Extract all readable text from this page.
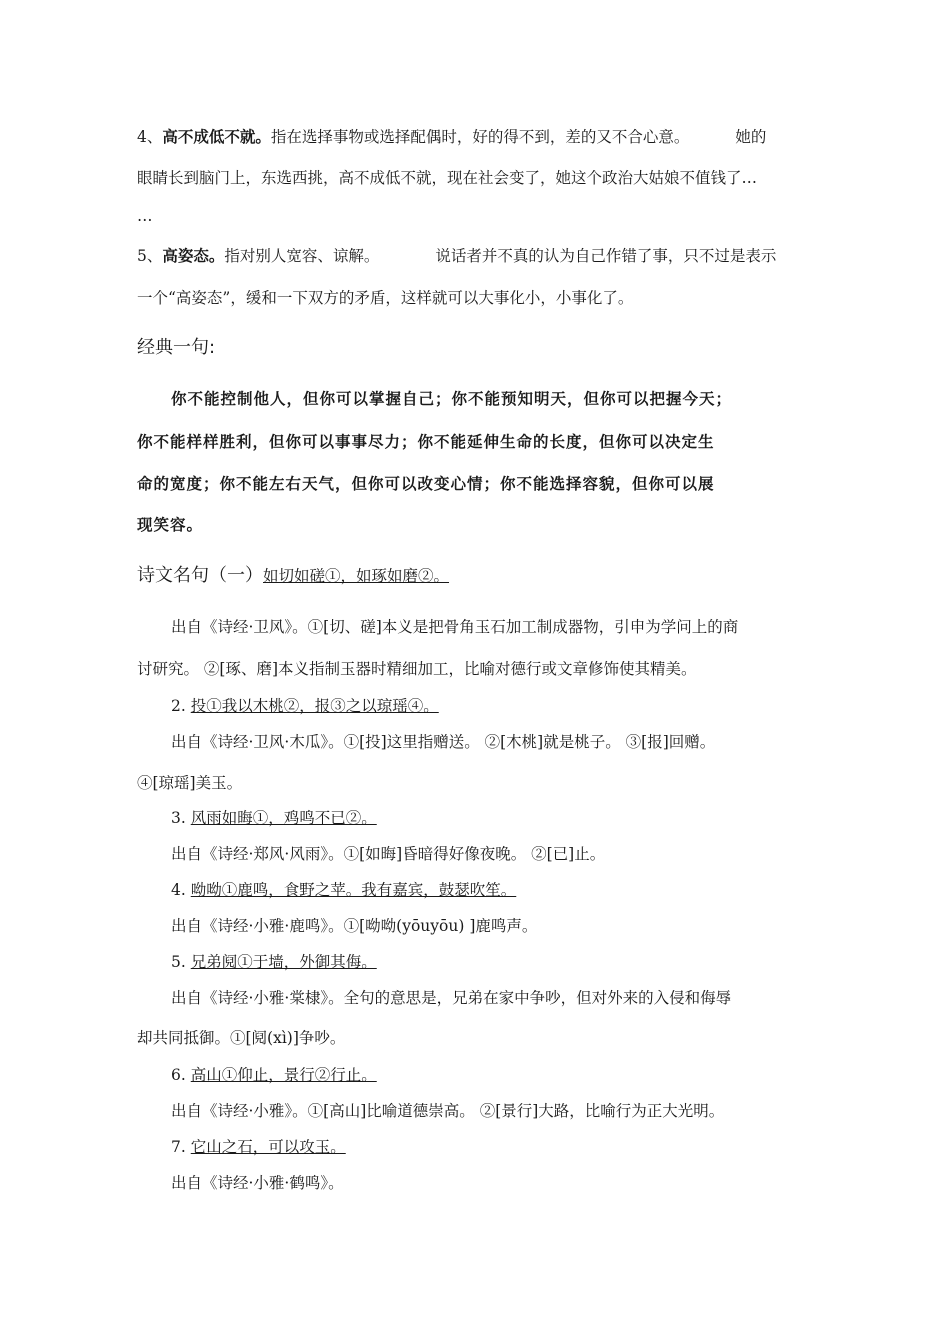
4、高不成低不就。指在选择事物或选择配偶时，好的得不到，差的又不合心意。	她的
眼睛长到脑门上，东选西挑，高不成低不就，现在社会变了，她这个政治大姑娘不值钱了…
…
5、高姿态。指对别人宽容、谅解。	说话者并不真的认为自己作错了事，只不过是表示
一个“高姿态”，缓和一下双方的矛盾，这样就可以大事化小，小事化了。
经典一句:
你不能控制他人，但你可以掌握自己；你不能预知明天，但你可以把握今天；
你不能样样胜利，但你可以事事尽力；你不能延伸生命的长度，但你可以决定生
命的宽度；你不能左右天气，但你可以改变心情；你不能选择容貌，但你可以展
现笑容。
诗文名句（一）如切如磋①，如琢如磨②。
出自《诗经·卫风》。①[切、磋]本义是把骨角玉石加工制成器物，引申为学问上的商
讨研究。 ②[琢、磨]本义指制玉器时精细加工，比喻对德行或文章修饰使其精美。
2. 投①我以木桃②，报③之以琼瑶④。
出自《诗经·卫风·木瓜》。①[投]这里指赠送。 ②[木桃]就是桃子。 ③[报]回赠。
④[琼瑶]美玉。
3. 风雨如晦①，鸡鸣不已②。
出自《诗经·郑风·风雨》。①[如晦]昏暗得好像夜晚。 ②[已]止。
4. 呦呦①鹿鸣，食野之苹。我有嘉宾，鼓瑟吹笙。
出自《诗经·小雅·鹿鸣》。①[呦呦(yōuyōu) ]鹿鸣声。
5. 兄弟阋①于墙，外御其侮。
出自《诗经·小雅·棠棣》。全句的意思是，兄弟在家中争吵，但对外来的入侵和侮辱
却共同抵御。①[阋(xì)]争吵。
6. 高山①仰止，景行②行止。
出自《诗经·小雅》。①[高山]比喻道德崇高。 ②[景行]大路，比喻行为正大光明。
7. 它山之石，可以攻玉。
出自《诗经·小雅·鹤鸣》。
